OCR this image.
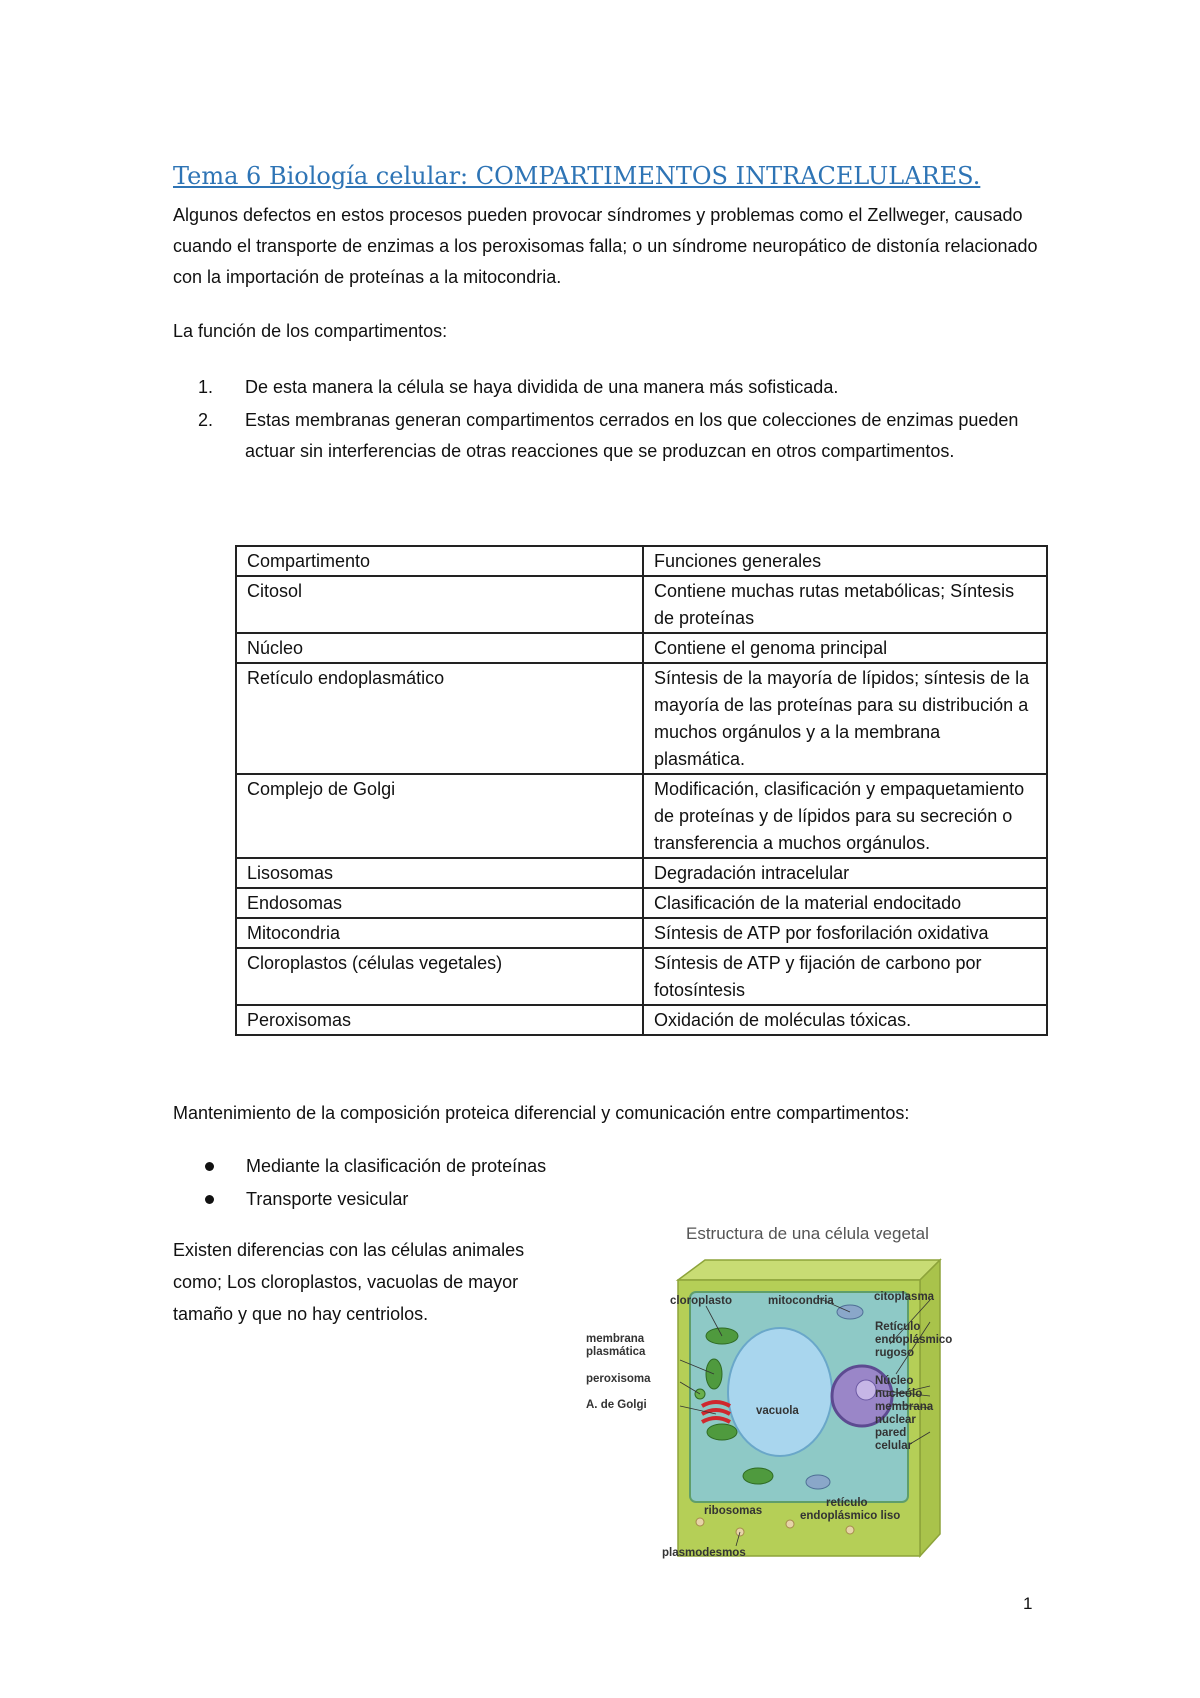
Tema 6 Biología celular: COMPARTIMENTOS INTRACELULARES.

Algunos defectos en estos procesos pueden provocar síndromes y problemas como el Zellweger, causado cuando el transporte de enzimas a los peroxisomas falla; o un síndrome neuropático de distonía relacionado con la importación de proteínas a la mitocondria.

La función de los compartimentos:

1. De esta manera la célula se haya dividida de una manera más sofisticada.
2. Estas membranas generan compartimentos cerrados en los que colecciones de enzimas pueden actuar sin interferencias de otras reacciones que se produzcan en otros compartimentos.
Compartimento	Funciones generales
Citosol	Contiene muchas rutas metabólicas; Síntesis de proteínas
Núcleo	Contiene el genoma principal
Retículo endoplasmático	Síntesis de la mayoría de lípidos; síntesis de la mayoría de las proteínas para su distribución a muchos orgánulos y a la membrana plasmática.
Complejo de Golgi	Modificación, clasificación y empaquetamiento de proteínas y de lípidos para su secreción o transferencia a muchos orgánulos.
Lisosomas	Degradación intracelular
Endosomas	Clasificación de la material endocitado
Mitocondria	Síntesis de ATP por fosforilación oxidativa
Cloroplastos (células vegetales)	Síntesis de ATP y fijación de carbono por fotosíntesis
Peroxisomas	Oxidación de moléculas tóxicas.

Mantenimiento de la composición proteica diferencial y comunicación entre compartimentos:

Mediante la clasificación de proteínas
Transporte vesicular

Existen diferencias con las células animales como; Los cloroplastos, vacuolas de mayor tamaño y que no hay centriolos.

Estructura de una célula vegetal
cloroplasto	mitocondria	citoplasma
Retículo
endoplásmico
rugoso
membrana
plasmática
peroxisoma
A. de Golgi	vacuola
Núcleo
nucleólo
membrana
nuclear
pared
celular
ribosomas
retículo
endoplásmico liso
plasmodesmos
1
